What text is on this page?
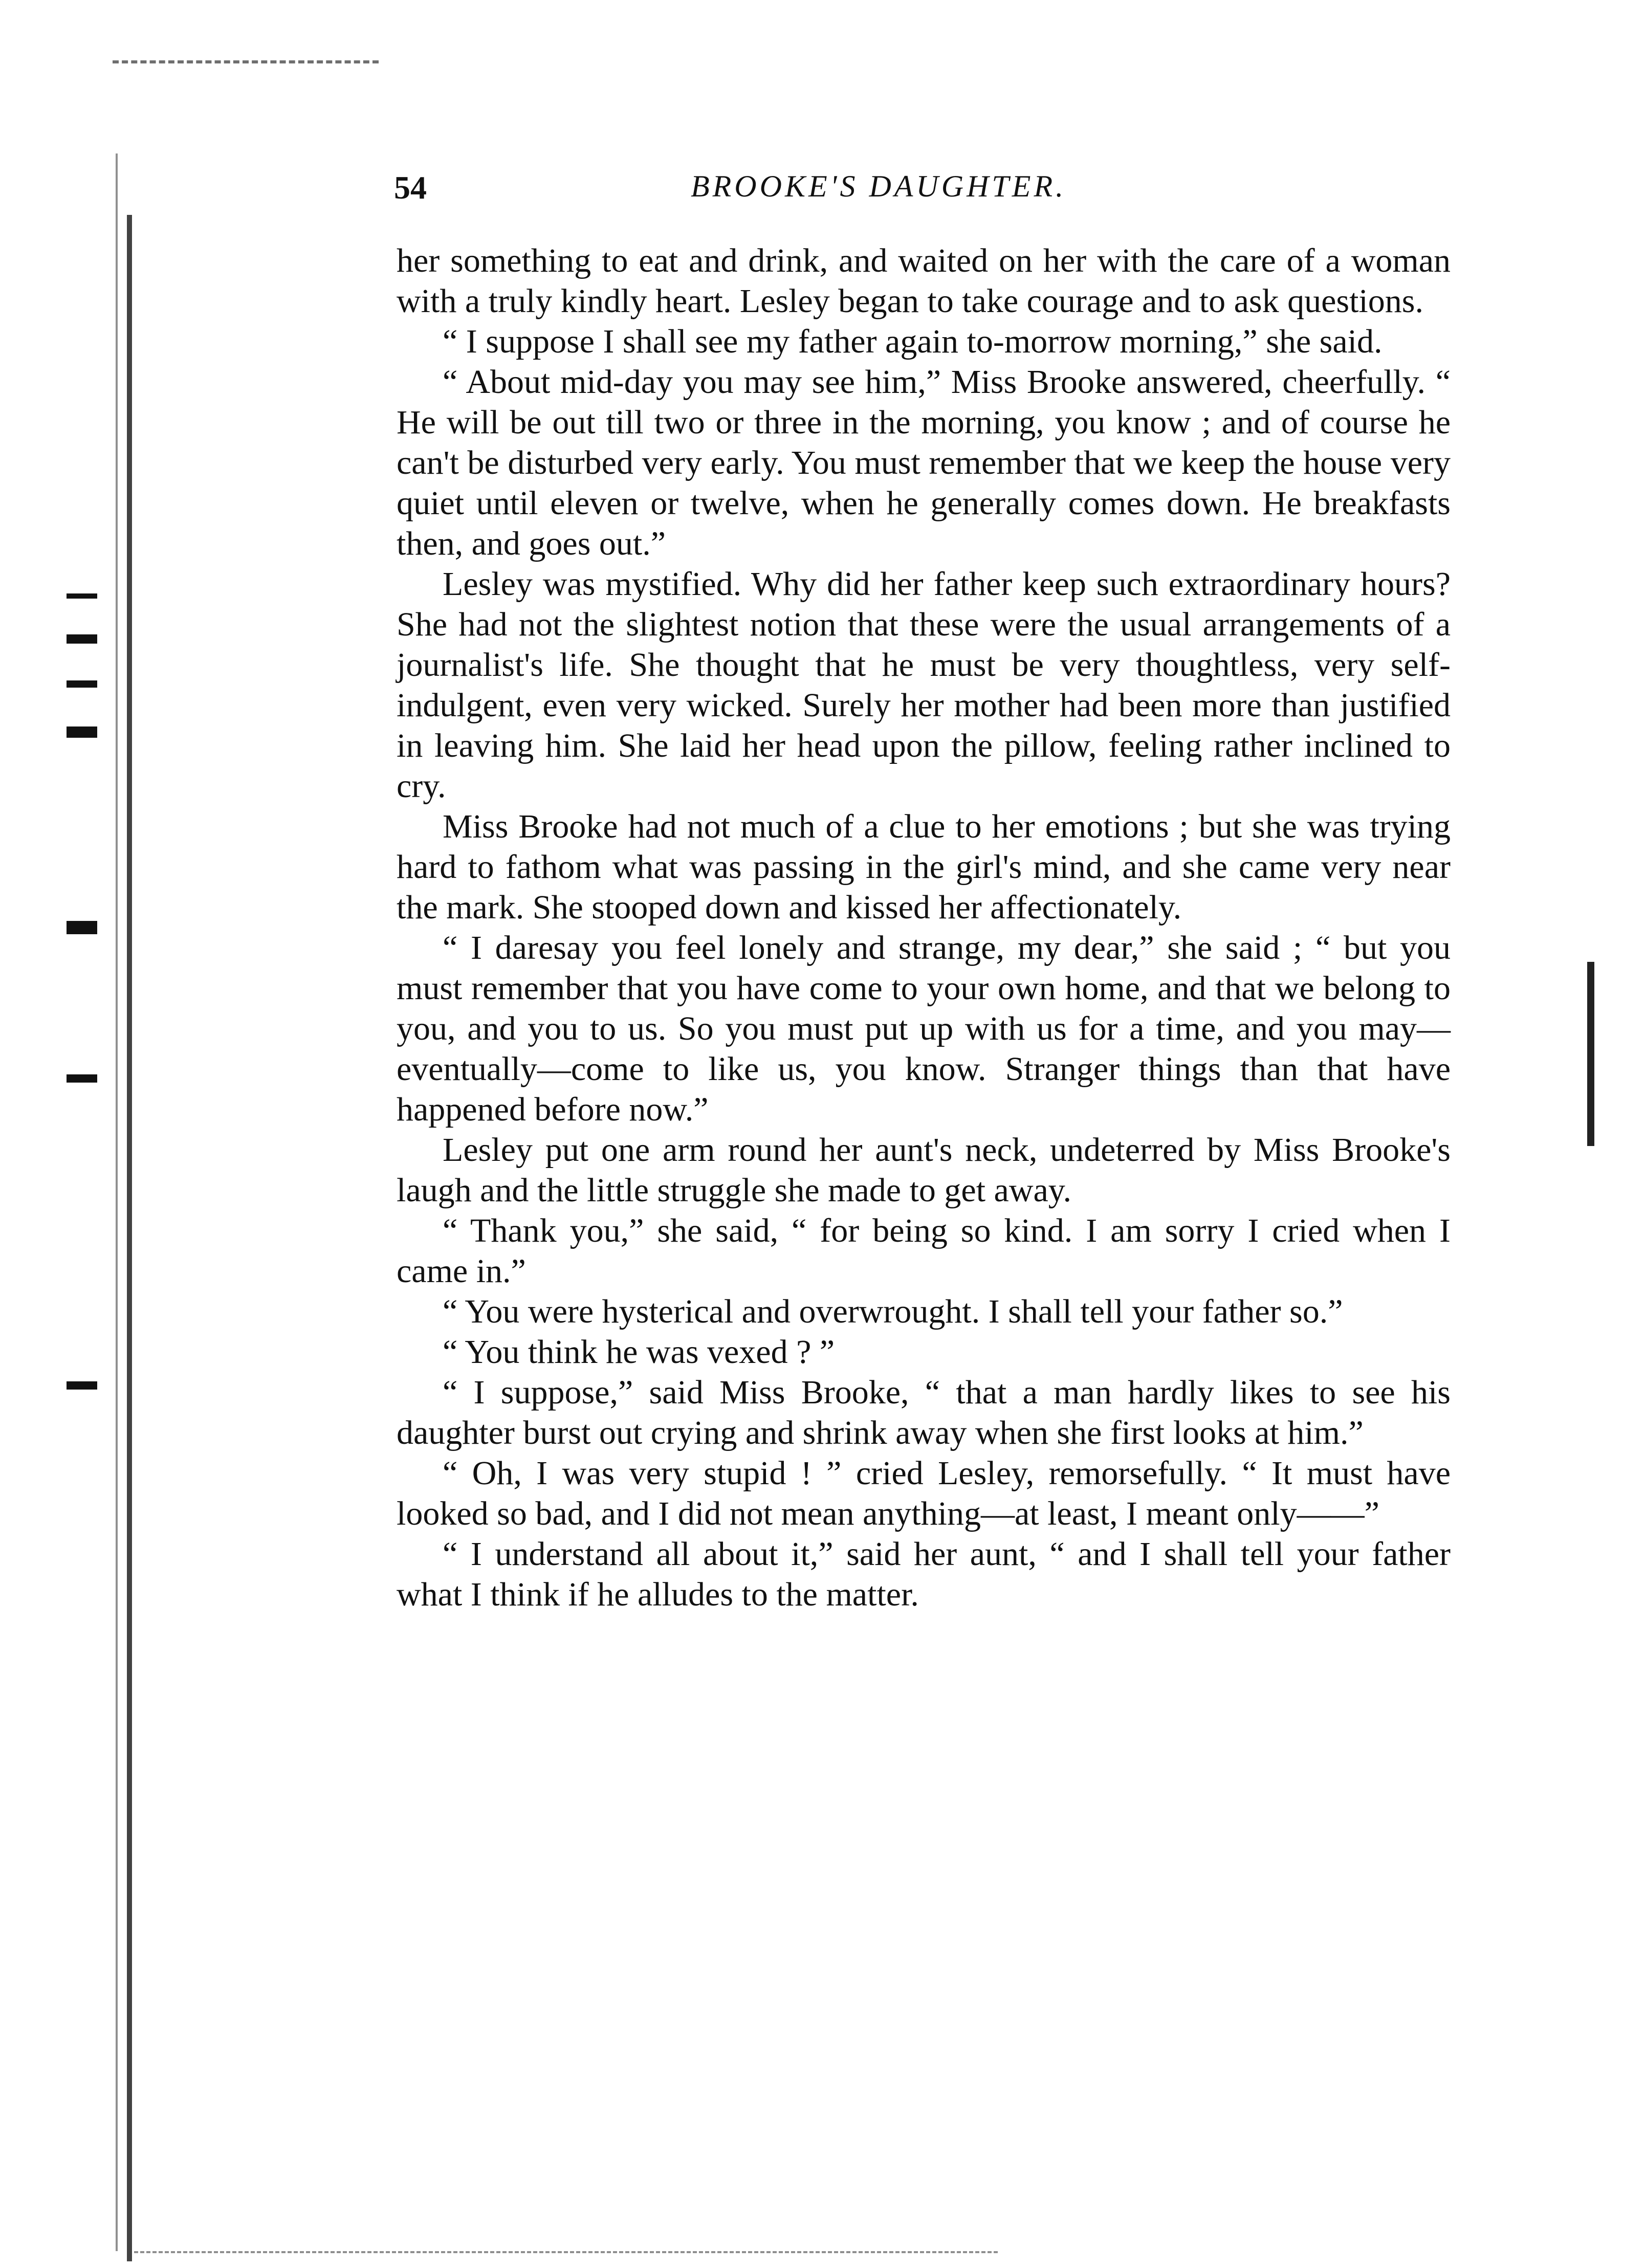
54	BROOKE'S DAUGHTER.

her something to eat and drink, and waited on her with the care of a woman with a truly kindly heart. Lesley began to take courage and to ask questions.

“ I suppose I shall see my father again to-morrow morning,” she said.

“ About mid-day you may see him,” Miss Brooke answered, cheerfully. “ He will be out till two or three in the morning, you know ; and of course he can't be disturbed very early. You must remember that we keep the house very quiet until eleven or twelve, when he generally comes down. He breakfasts then, and goes out.”

Lesley was mystified. Why did her father keep such extraordinary hours? She had not the slightest notion that these were the usual arrangements of a journalist's life. She thought that he must be very thoughtless, very self-indulgent, even very wicked. Surely her mother had been more than justified in leaving him. She laid her head upon the pillow, feeling rather inclined to cry.

Miss Brooke had not much of a clue to her emotions ; but she was trying hard to fathom what was passing in the girl's mind, and she came very near the mark. She stooped down and kissed her affectionately.

“ I daresay you feel lonely and strange, my dear,” she said ; “ but you must remember that you have come to your own home, and that we belong to you, and you to us. So you must put up with us for a time, and you may—eventually—come to like us, you know. Stranger things than that have happened before now.”

Lesley put one arm round her aunt's neck, undeterred by Miss Brooke's laugh and the little struggle she made to get away.

“ Thank you,” she said, “ for being so kind. I am sorry I cried when I came in.”

“ You were hysterical and overwrought. I shall tell your father so.”

“ You think he was vexed ? ”

“ I suppose,” said Miss Brooke, “ that a man hardly likes to see his daughter burst out crying and shrink away when she first looks at him.”

“ Oh, I was very stupid ! ” cried Lesley, remorsefully. “ It must have looked so bad, and I did not mean anything—at least, I meant only——”

“ I understand all about it,” said her aunt, “ and I shall tell your father what I think if he alludes to the matter.
